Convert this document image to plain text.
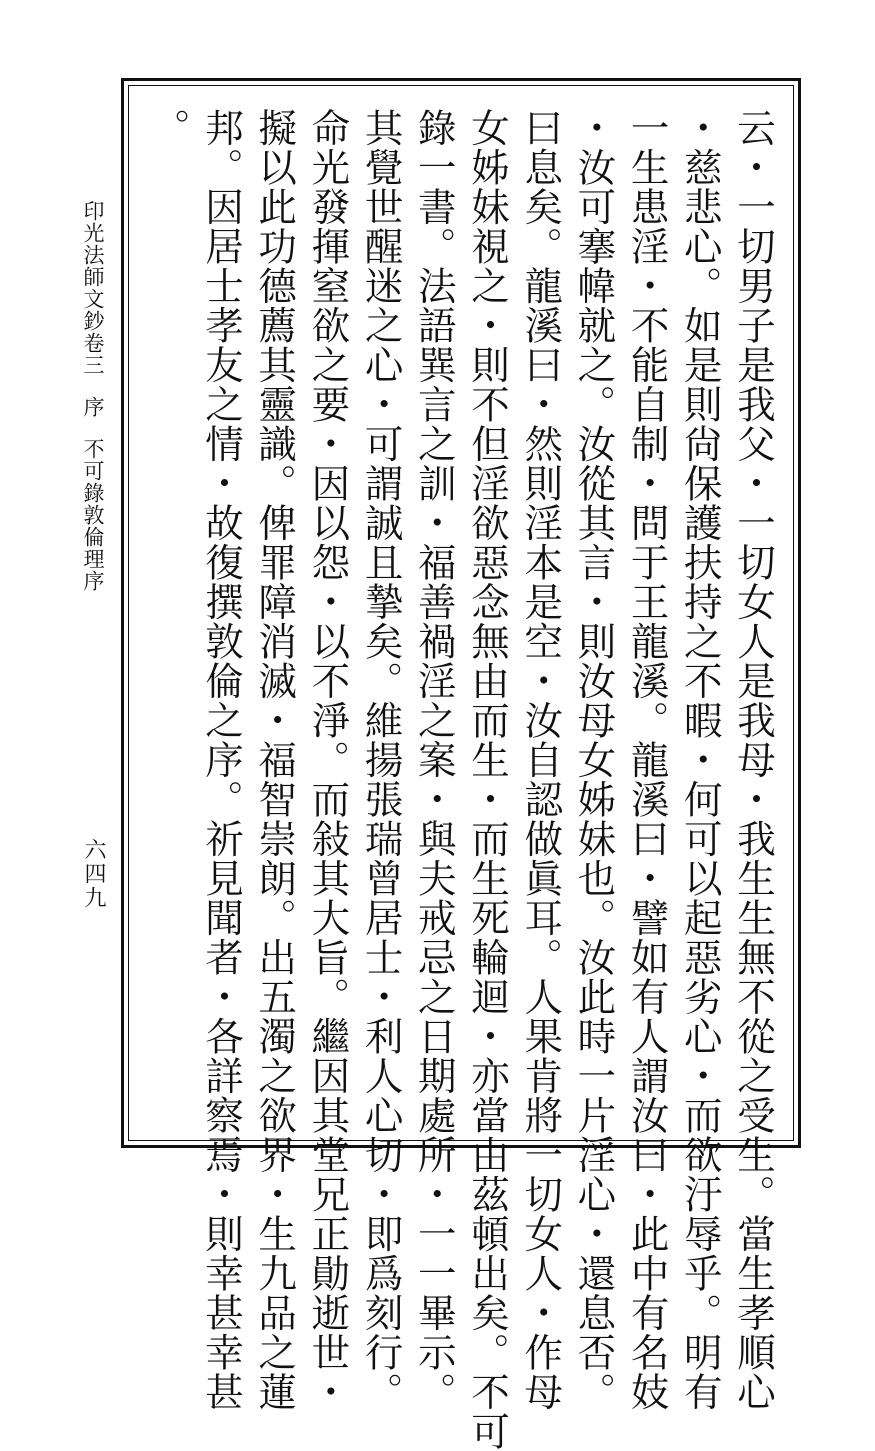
印光法師文鈔卷三序不可錄敦倫理序
六四九	云・一切男子是我父・一切女人是我母・我生生無不從之受生。當生孝順心
・慈悲心。如是則尙保護扶持之不暇・何可以起惡劣心・而欲汙辱乎。明有
一生患淫・不能自制・問于王龍溪。龍溪曰・譬如有人謂汝曰・此中有名妓
・汝可搴幃就之。汝從其言・則汝母女姊妹也。汝此時一片淫心・還息否。
曰息矣。龍溪曰・然則淫本是空・汝自認做眞耳。人果肯將一切女人・作母
女姊妹視之・則不但淫欲惡念無由而生・而生死輪迴・亦當由茲頓出矣。不可
錄一書。法語巽言之訓・福善禍淫之案・與夫戒忌之日期處所・一一畢示。
其覺世醒迷之心・可謂誠且摯矣。維揚張瑞曾居士・利人心切・即爲刻行。
命光發揮窒欲之要・因以怨・以不淨。而敍其大旨。繼因其堂兄正勛逝世・
擬以此功德薦其靈識。俾罪障消滅・福智崇朗。出五濁之欲界・生九品之蓮
邦。因居士孝友之情・故復撰敦倫之序。祈見聞者・各詳察焉・則幸甚幸甚
。
